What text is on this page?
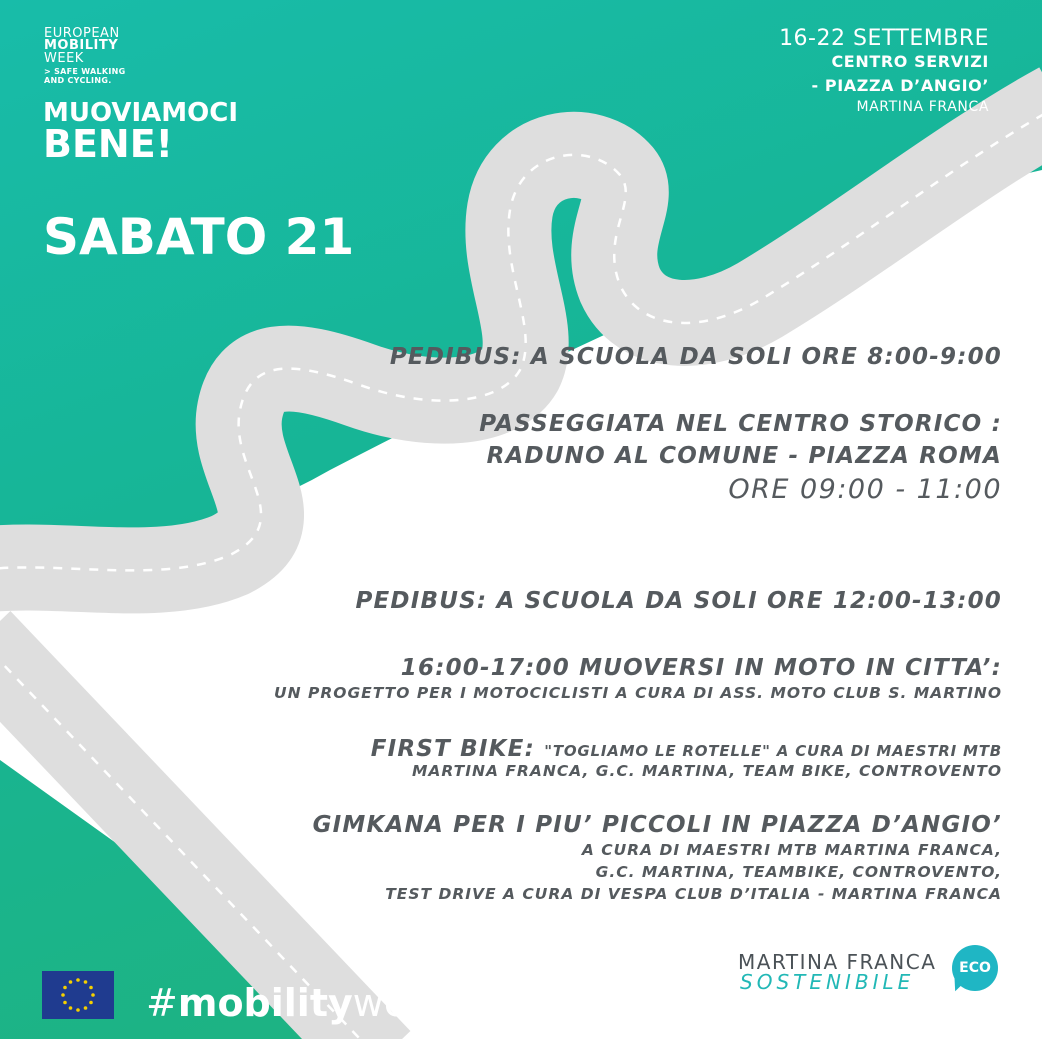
EUROPEAN

MOBILITY

WEEK

> SAFE WALKING

AND CYCLING.

MUOVIAMOCI

BENE!

SABATO 21

16-22 SETTEMBRE

CENTRO SERVIZI

- PIAZZA D’ANGIO’

MARTINA FRANCA

PEDIBUS: A SCUOLA DA SOLI ORE 8:00-9:00

PASSEGGIATA NEL CENTRO STORICO :

RADUNO AL COMUNE - PIAZZA ROMA

ORE 09:00 - 11:00

PEDIBUS: A SCUOLA DA SOLI ORE 12:00-13:00

16:00-17:00 MUOVERSI IN MOTO IN CITTA’:

UN PROGETTO PER I MOTOCICLISTI A CURA DI ASS. MOTO CLUB S. MARTINO

FIRST BIKE: "TOGLIAMO LE ROTELLE" A CURA DI MAESTRI MTB

MARTINA FRANCA, G.C. MARTINA, TEAM BIKE, CONTROVENTO

GIMKANA PER I PIU’ PICCOLI IN PIAZZA D’ANGIO’

A CURA DI MAESTRI MTB MARTINA FRANCA,

G.C. MARTINA, TEAMBIKE, CONTROVENTO,

TEST DRIVE A CURA DI VESPA CLUB D’ITALIA - MARTINA FRANCA

#mobilityweek
MARTINA FRANCA
SOSTENIBILE
ECO
